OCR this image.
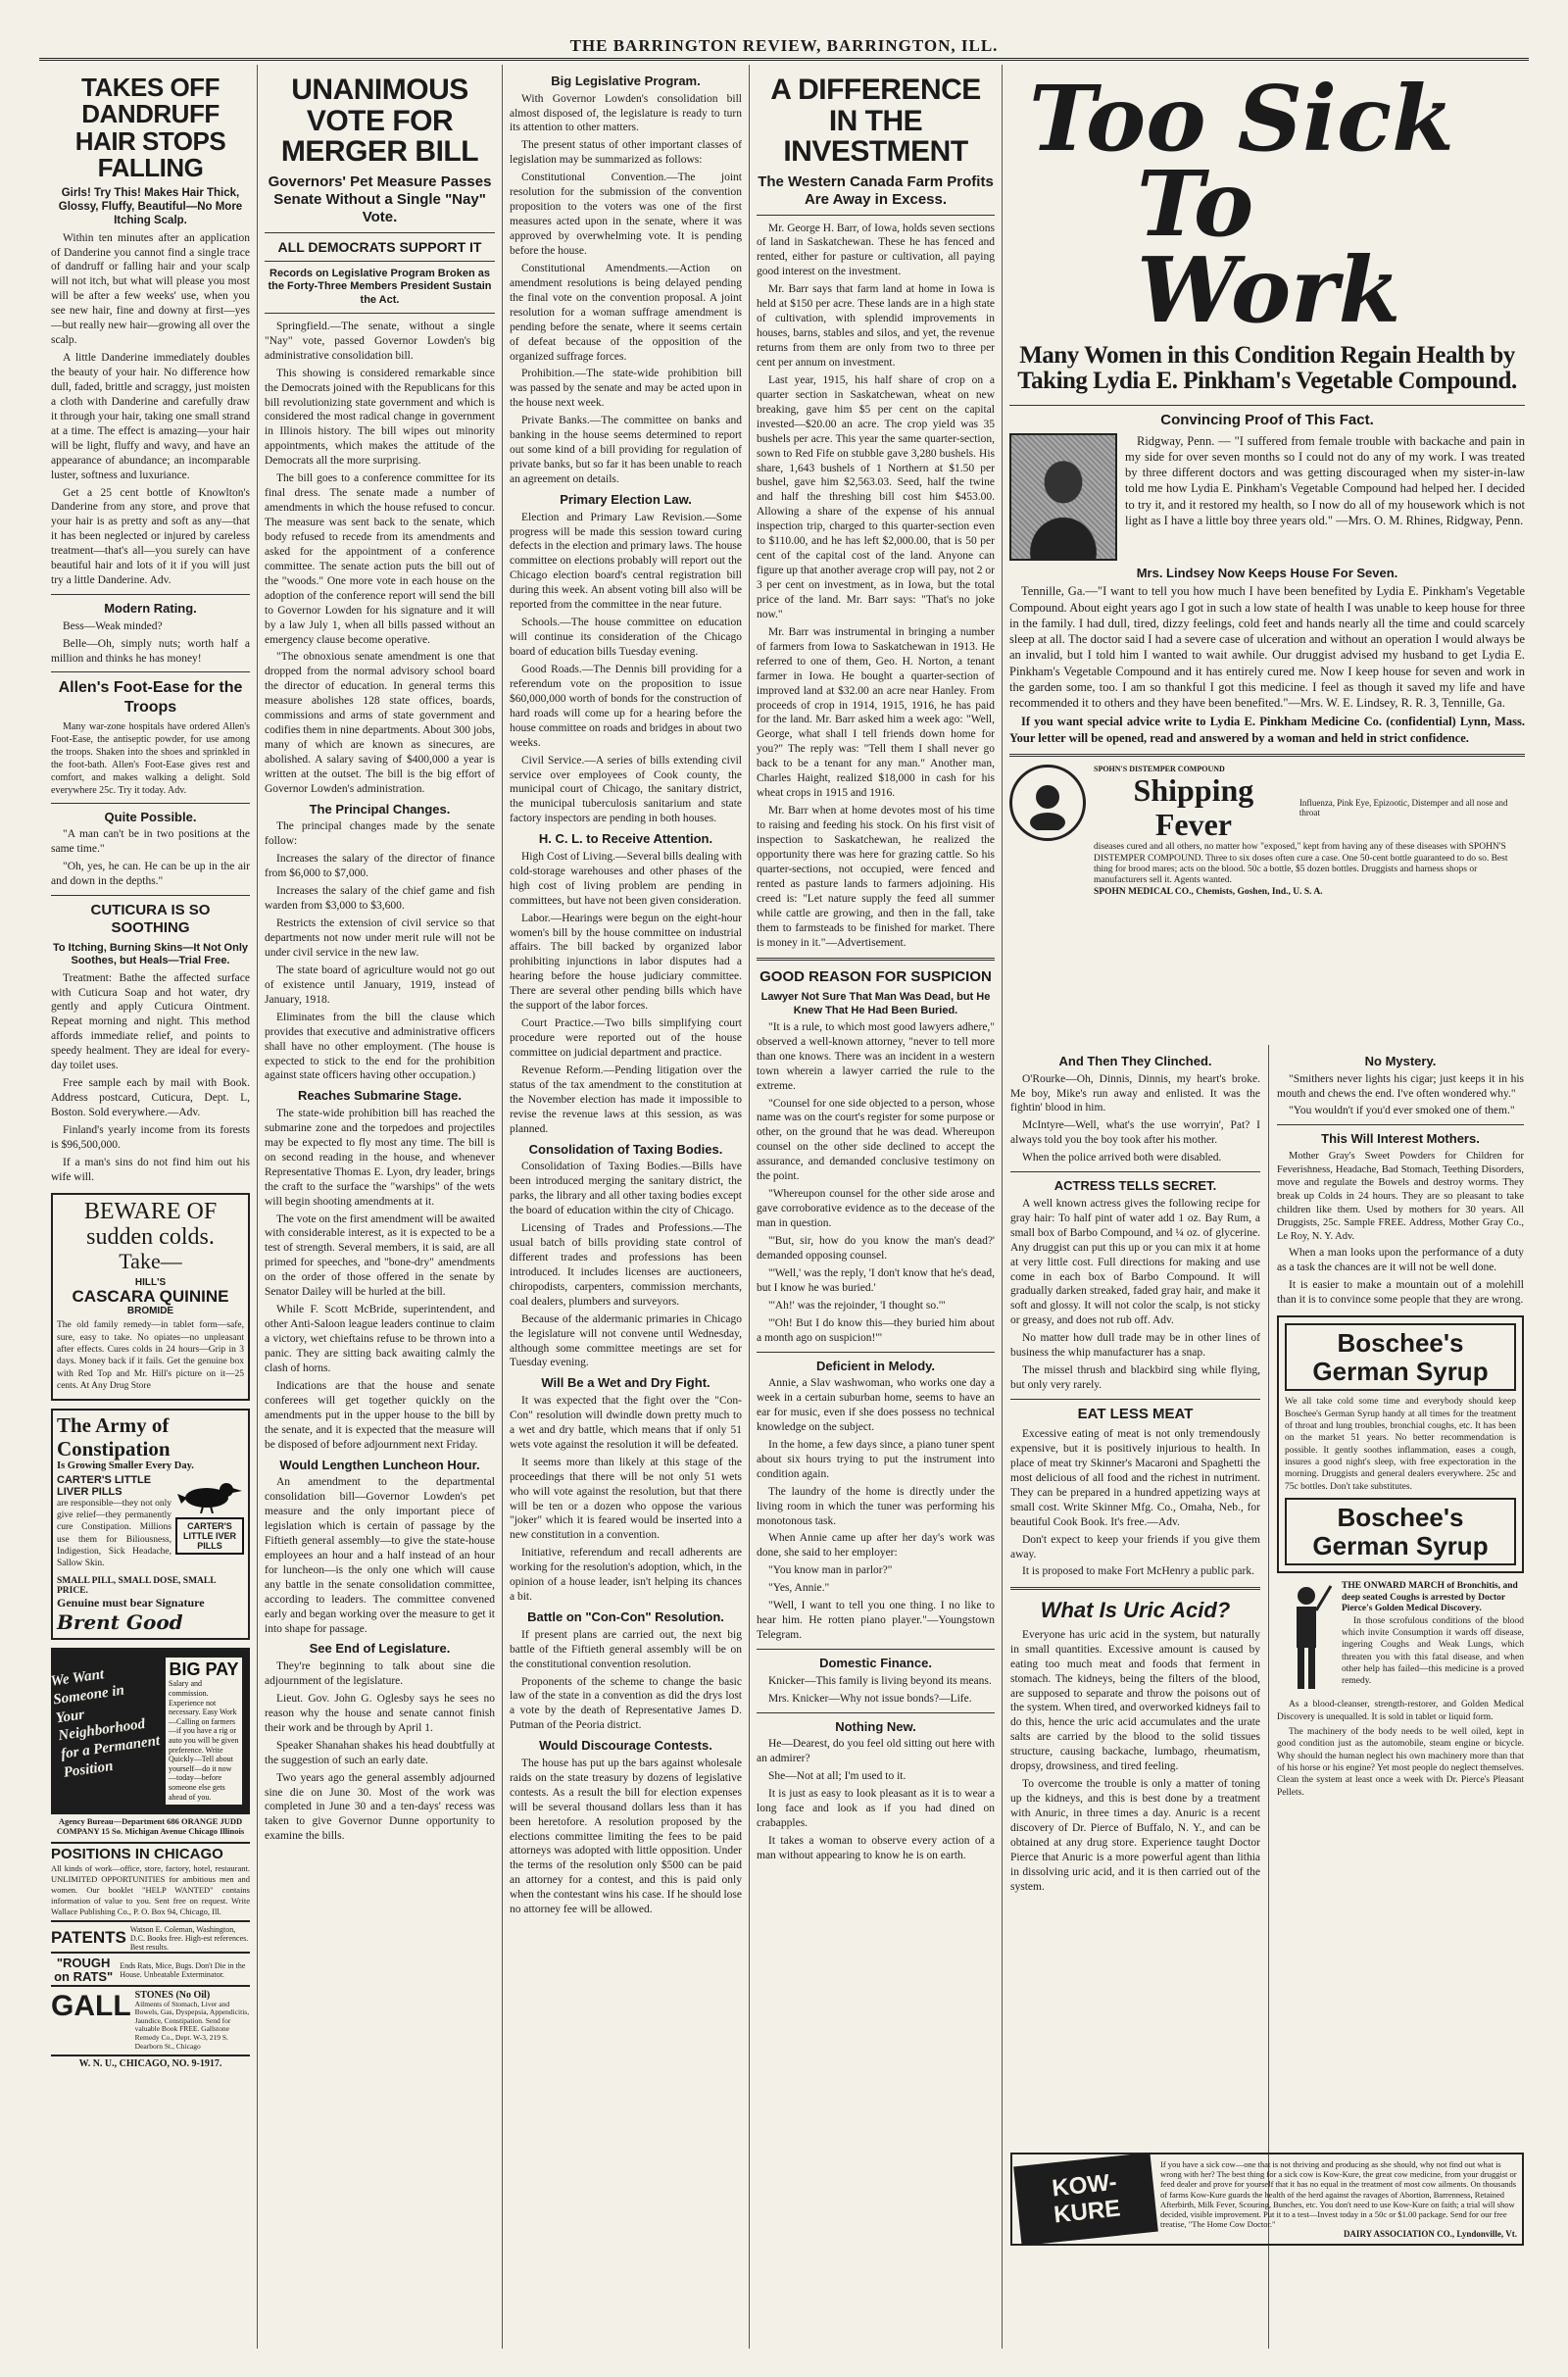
THE BARRINGTON REVIEW, BARRINGTON, ILL.
TAKES OFF DANDRUFF HAIR STOPS FALLING
Girls! Try This! Makes Hair Thick, Glossy, Fluffy, Beautiful—No More Itching Scalp.

Within ten minutes after an application of Danderine you cannot find a single trace of dandruff or falling hair and your scalp will not itch, but what will please you most will be after a few weeks' use, when you see new hair, fine and downy at first—yes—but really new hair—growing all over the scalp.

A little Danderine immediately doubles the beauty of your hair. No difference how dull, faded, brittle and scraggy, just moisten a cloth with Danderine and carefully draw it through your hair, taking one small strand at a time. The effect is amazing—your hair will be light, fluffy and wavy, and have an appearance of abundance; an incomparable luster, softness and luxuriance.

Get a 25 cent bottle of Knowlton's Danderine from any store, and prove that your hair is as pretty and soft as any—that it has been neglected or injured by careless treatment—that's all—you surely can have beautiful hair and lots of it if you will just try a little Danderine. Adv.

Modern Rating.

Bess—Weak minded?

Belle—Oh, simply nuts; worth half a million and thinks he has money!

Allen's Foot-Ease for the Troops

Many war-zone hospitals have ordered Allen's Foot-Ease, the antiseptic powder, for use among the troops. Shaken into the shoes and sprinkled in the foot-bath. Allen's Foot-Ease gives rest and comfort, and makes walking a delight. Sold everywhere 25c. Try it today. Adv.

Quite Possible.

"A man can't be in two positions at the same time."

"Oh, yes, he can. He can be up in the air and down in the depths."

CUTICURA IS SO SOOTHING
To Itching, Burning Skins—It Not Only Soothes, but Heals—Trial Free.

Treatment: Bathe the affected surface with Cuticura Soap and hot water, dry gently and apply Cuticura Ointment. Repeat morning and night. This method affords immediate relief, and points to speedy healment. They are ideal for every-day toilet uses.

Free sample each by mail with Book. Address postcard, Cuticura, Dept. L, Boston. Sold everywhere.—Adv.

Finland's yearly income from its forests is $96,500,000.

If a man's sins do not find him out his wife will.

BEWARE OF
sudden colds.
Take—
HILL'S
CASCARA QUININE
BROMIDE

The old family remedy—in tablet form—safe, sure, easy to take. No opiates—no unpleasant after effects. Cures colds in 24 hours—Grip in 3 days. Money back if it fails. Get the genuine box with Red Top and Mr. Hill's picture on it—25 cents. At Any Drug Store

The Army of Constipation
Is Growing Smaller Every Day.
CARTER'S LITTLE LIVER PILLS

are responsible—they not only give relief—they permanently cure Constipation. Millions use them for Biliousness, Indigestion, Sick Headache, Sallow Skin.

CARTER'S LITTLE IVER PILLS
SMALL PILL, SMALL DOSE, SMALL PRICE.
Genuine must bear Signature
Brent Good
We Want Someone in Your Neighborhood for a Permanent Position
BIG PAY
Salary and commission. Experience not necessary. Easy Work—Calling on farmers—if you have a rig or auto you will be given preference. Write Quickly—Tell about yourself—do it now—today—before someone else gets ahead of you.
Agency Bureau—Department 686 ORANGE JUDD COMPANY 15 So. Michigan Avenue Chicago Illinois
POSITIONS IN CHICAGO

All kinds of work—office, store, factory, hotel, restaurant. UNLIMITED OPPORTUNITIES for ambitious men and women. Our booklet "HELP WANTED" contains information of value to you. Sent free on request. Write Wallace Publishing Co., P. O. Box 94, Chicago, Ill.

PATENTS Watson E. Coleman, Washington, D.C. Books free. High-est references. Best results.
"ROUGH on RATS"
Ends Rats, Mice, Bugs. Don't Die in the House. Unbeatable Exterminator.
GALL STONES (No Oil)
Ailments of Stomach, Liver and Bowels, Gas, Dyspepsia, Appendicitis, Jaundice, Constipation. Send for valuable Book FREE. Gallstone Remedy Co., Dept. W-3, 219 S. Dearborn St., Chicago
W. N. U., CHICAGO, NO. 9-1917.
UNANIMOUS VOTE FOR MERGER BILL
Governors' Pet Measure Passes Senate Without a Single "Nay" Vote.
ALL DEMOCRATS SUPPORT IT
Records on Legislative Program Broken as the Forty-Three Members President Sustain the Act.

Springfield.—The senate, without a single "Nay" vote, passed Governor Lowden's big administrative consolidation bill.

This showing is considered remarkable since the Democrats joined with the Republicans for this bill revolutionizing state government and which is considered the most radical change in government in Illinois history. The bill wipes out minority appointments, which makes the attitude of the Democrats all the more surprising.

The bill goes to a conference committee for its final dress. The senate made a number of amendments in which the house refused to concur. The measure was sent back to the senate, which body refused to recede from its amendments and asked for the appointment of a conference committee. The senate action puts the bill out of the "woods." One more vote in each house on the adoption of the conference report will send the bill to Governor Lowden for his signature and it will by a law July 1, when all bills passed without an emergency clause become operative.

"The obnoxious senate amendment is one that dropped from the normal advisory school board the director of education. In general terms this measure abolishes 128 state offices, boards, commissions and arms of state government and codifies them in nine departments. About 300 jobs, many of which are known as sinecures, are abolished. A salary saving of $400,000 a year is written at the outset. The bill is the big effort of Governor Lowden's administration.

The Principal Changes.

The principal changes made by the senate follow:

Increases the salary of the director of finance from $6,000 to $7,000.

Increases the salary of the chief game and fish warden from $3,000 to $3,600.

Restricts the extension of civil service so that departments not now under merit rule will not be under civil service in the new law.

The state board of agriculture would not go out of existence until January, 1919, instead of January, 1918.

Eliminates from the bill the clause which provides that executive and administrative officers shall have no other employment. (The house is expected to stick to the end for the prohibition against state officers having other occupation.)

Reaches Submarine Stage.

The state-wide prohibition bill has reached the submarine zone and the torpedoes and projectiles may be expected to fly most any time. The bill is on second reading in the house, and whenever Representative Thomas E. Lyon, dry leader, brings the craft to the surface the "warships" of the wets will begin shooting amendments at it.

The vote on the first amendment will be awaited with considerable interest, as it is expected to be a test of strength. Several members, it is said, are all primed for speeches, and "bone-dry" amendments on the order of those offered in the senate by Senator Dailey will be hurled at the bill.

While F. Scott McBride, superintendent, and other Anti-Saloon league leaders continue to claim a victory, wet chieftains refuse to be thrown into a panic. They are sitting back awaiting calmly the clash of horns.

Indications are that the house and senate conferees will get together quickly on the amendments put in the upper house to the bill by the senate, and it is expected that the measure will be disposed of before adjournment next Friday.

Would Lengthen Luncheon Hour.

An amendment to the departmental consolidation bill—Governor Lowden's pet measure and the only important piece of legislation which is certain of passage by the Fiftieth general assembly—to give the state-house employees an hour and a half instead of an hour for luncheon—is the only one which will cause any battle in the senate consolidation committee, according to leaders. The committee convened early and began working over the measure to get it into shape for passage.

See End of Legislature.

They're beginning to talk about sine die adjournment of the legislature.

Lieut. Gov. John G. Oglesby says he sees no reason why the house and senate cannot finish their work and be through by April 1.

Speaker Shanahan shakes his head doubtfully at the suggestion of such an early date.

Two years ago the general assembly adjourned sine die on June 30. Most of the work was completed in June 30 and a ten-days' recess was taken to give Governor Dunne opportunity to examine the bills.

Big Legislative Program.

With Governor Lowden's consolidation bill almost disposed of, the legislature is ready to turn its attention to other matters.

The present status of other important classes of legislation may be summarized as follows:

Constitutional Convention.—The joint resolution for the submission of the convention proposition to the voters was one of the first measures acted upon in the senate, where it was approved by overwhelming vote. It is pending before the house.

Constitutional Amendments.—Action on amendment resolutions is being delayed pending the final vote on the convention proposal. A joint resolution for a woman suffrage amendment is pending before the senate, where it seems certain of defeat because of the opposition of the organized suffrage forces.

Prohibition.—The state-wide prohibition bill was passed by the senate and may be acted upon in the house next week.

Private Banks.—The committee on banks and banking in the house seems determined to report out some kind of a bill providing for regulation of private banks, but so far it has been unable to reach an agreement on details.

Primary Election Law.

Election and Primary Law Revision.—Some progress will be made this session toward curing defects in the election and primary laws. The house committee on elections probably will report out the Chicago election board's central registration bill during this week. An absent voting bill also will be reported from the committee in the near future.

Schools.—The house committee on education will continue its consideration of the Chicago board of education bills Tuesday evening.

Good Roads.—The Dennis bill providing for a referendum vote on the proposition to issue $60,000,000 worth of bonds for the construction of hard roads will come up for a hearing before the house committee on roads and bridges in about two weeks.

Civil Service.—A series of bills extending civil service over employees of Cook county, the municipal court of Chicago, the sanitary district, the municipal tuberculosis sanitarium and state factory inspectors are pending in both houses.

H. C. L. to Receive Attention.

High Cost of Living.—Several bills dealing with cold-storage warehouses and other phases of the high cost of living problem are pending in committees, but have not been given consideration.

Labor.—Hearings were begun on the eight-hour women's bill by the house committee on industrial affairs. The bill backed by organized labor prohibiting injunctions in labor disputes had a hearing before the house judiciary committee. There are several other pending bills which have the support of the labor forces.

Court Practice.—Two bills simplifying court procedure were reported out of the house committee on judicial department and practice.

Revenue Reform.—Pending litigation over the status of the tax amendment to the constitution at the November election has made it impossible to revise the revenue laws at this session, as was planned.

Consolidation of Taxing Bodies.

Consolidation of Taxing Bodies.—Bills have been introduced merging the sanitary district, the parks, the library and all other taxing bodies except the board of education within the city of Chicago.

Licensing of Trades and Professions.—The usual batch of bills providing state control of different trades and professions has been introduced. It includes licenses are auctioneers, chiropodists, carpenters, commission merchants, coal dealers, plumbers and surveyors.

Because of the aldermanic primaries in Chicago the legislature will not convene until Wednesday, although some committee meetings are set for Tuesday evening.

Will Be a Wet and Dry Fight.

It was expected that the fight over the "Con-Con" resolution will dwindle down pretty much to a wet and dry battle, which means that if only 51 wets vote against the resolution it will be defeated.

It seems more than likely at this stage of the proceedings that there will be not only 51 wets who will vote against the resolution, but that there will be ten or a dozen who oppose the various "joker" which it is feared would be inserted into a new constitution in a convention.

Initiative, referendum and recall adherents are working for the resolution's adoption, which, in the opinion of a house leader, isn't helping its chances a bit.

Battle on "Con-Con" Resolution.

If present plans are carried out, the next big battle of the Fiftieth general assembly will be on the constitutional convention resolution.

Proponents of the scheme to change the basic law of the state in a convention as did the drys lost a vote by the death of Representative James D. Putman of the Peoria district.

Would Discourage Contests.

The house has put up the bars against wholesale raids on the state treasury by dozens of legislative contests. As a result the bill for election expenses will be several thousand dollars less than it has been heretofore. A resolution proposed by the elections committee limiting the fees to be paid attorneys was adopted with little opposition. Under the terms of the resolution only $500 can be paid an attorney for a contest, and this is paid only when the contestant wins his case. If he should lose no attorney fee will be allowed.

A DIFFERENCE IN THE INVESTMENT
The Western Canada Farm Profits Are Away in Excess.

Mr. George H. Barr, of Iowa, holds seven sections of land in Saskatchewan. These he has fenced and rented, either for pasture or cultivation, all paying good interest on the investment.

Mr. Barr says that farm land at home in Iowa is held at $150 per acre. These lands are in a high state of cultivation, with splendid improvements in houses, barns, stables and silos, and yet, the revenue returns from them are only from two to three per cent per annum on investment.

Last year, 1915, his half share of crop on a quarter section in Saskatchewan, wheat on new breaking, gave him $5 per cent on the capital invested—$20.00 an acre. The crop yield was 35 bushels per acre. This year the same quarter-section, sown to Red Fife on stubble gave 3,280 bushels. His share, 1,643 bushels of 1 Northern at $1.50 per bushel, gave him $2,563.03. Seed, half the twine and half the threshing bill cost him $453.00. Allowing a share of the expense of his annual inspection trip, charged to this quarter-section even to $110.00, and he has left $2,000.00, that is 50 per cent of the capital cost of the land. Anyone can figure up that another average crop will pay, not 2 or 3 per cent on investment, as in Iowa, but the total price of the land. Mr. Barr says: "That's no joke now."

Mr. Barr was instrumental in bringing a number of farmers from Iowa to Saskatchewan in 1913. He referred to one of them, Geo. H. Norton, a tenant farmer in Iowa. He bought a quarter-section of improved land at $32.00 an acre near Hanley. From proceeds of crop in 1914, 1915, 1916, he has paid for the land. Mr. Barr asked him a week ago: "Well, George, what shall I tell friends down home for you?" The reply was: "Tell them I shall never go back to be a tenant for any man." Another man, Charles Haight, realized $18,000 in cash for his wheat crops in 1915 and 1916.

Mr. Barr when at home devotes most of his time to raising and feeding his stock. On his first visit of inspection to Saskatchewan, he realized the opportunity there was here for grazing cattle. So his quarter-sections, not occupied, were fenced and rented as pasture lands to farmers adjoining. His creed is: "Let nature supply the feed all summer while cattle are growing, and then in the fall, take them to farmsteads to be finished for market. There is money in it."—Advertisement.

GOOD REASON FOR SUSPICION
Lawyer Not Sure That Man Was Dead, but He Knew That He Had Been Buried.

"It is a rule, to which most good lawyers adhere," observed a well-known attorney, "never to tell more than one knows. There was an incident in a western town wherein a lawyer carried the rule to the extreme.

"Counsel for one side objected to a person, whose name was on the court's register for some purpose or other, on the ground that he was dead. Whereupon counsel on the other side declined to accept the assurance, and demanded conclusive testimony on the point.

"Whereupon counsel for the other side arose and gave corroborative evidence as to the decease of the man in question.

"'But, sir, how do you know the man's dead?' demanded opposing counsel.

"'Well,' was the reply, 'I don't know that he's dead, but I know he was buried.'

"'Ah!' was the rejoinder, 'I thought so.'"

"'Oh! But I do know this—they buried him about a month ago on suspicion!'"

Deficient in Melody.

Annie, a Slav washwoman, who works one day a week in a certain suburban home, seems to have an ear for music, even if she does possess no technical knowledge on the subject.

In the home, a few days since, a piano tuner spent about six hours trying to put the instrument into condition again.

The laundry of the home is directly under the living room in which the tuner was performing his monotonous task.

When Annie came up after her day's work was done, she said to her employer:

"You know man in parlor?"

"Yes, Annie."

"Well, I want to tell you one thing. I no like to hear him. He rotten piano player."—Youngstown Telegram.

Domestic Finance.

Knicker—This family is living beyond its means.

Mrs. Knicker—Why not issue bonds?—Life.

Nothing New.

He—Dearest, do you feel old sitting out here with an admirer?

She—Not at all; I'm used to it.

It is just as easy to look pleasant as it is to wear a long face and look as if you had dined on crabapples.

It takes a woman to observe every action of a man without appearing to know he is on earth.

Too Sick
To Work
Many Women in this Condition Regain Health by Taking Lydia E. Pinkham's Vegetable Compound.
Convincing Proof of This Fact.

Ridgway, Penn. — "I suffered from female trouble with backache and pain in my side for over seven months so I could not do any of my work. I was treated by three different doctors and was getting discouraged when my sister-in-law told me how Lydia E. Pinkham's Vegetable Compound had helped her. I decided to try it, and it restored my health, so I now do all of my housework which is not light as I have a little boy three years old." —Mrs. O. M. Rhines, Ridgway, Penn.

Mrs. Lindsey Now Keeps House For Seven.

Tennille, Ga.—"I want to tell you how much I have been benefited by Lydia E. Pinkham's Vegetable Compound. About eight years ago I got in such a low state of health I was unable to keep house for three in the family. I had dull, tired, dizzy feelings, cold feet and hands nearly all the time and could scarcely sleep at all. The doctor said I had a severe case of ulceration and without an operation I would always be an invalid, but I told him I wanted to wait awhile. Our druggist advised my husband to get Lydia E. Pinkham's Vegetable Compound and it has entirely cured me. Now I keep house for seven and work in the garden some, too. I am so thankful I got this medicine. I feel as though it saved my life and have recommended it to others and they have been benefited."—Mrs. W. E. Lindsey, R. R. 3, Tennille, Ga.

If you want special advice write to Lydia E. Pinkham Medicine Co. (confidential) Lynn, Mass. Your letter will be opened, read and answered by a woman and held in strict confidence.

SPOHN'S DISTEMPER COMPOUND
Shipping Fever
Influenza, Pink Eye, Epizootic, Distemper and all nose and throat
diseases cured and all others, no matter how "exposed," kept from having any of these diseases with SPOHN'S DISTEMPER COMPOUND. Three to six doses often cure a case. One 50-cent bottle guaranteed to do so. Best thing for brood mares; acts on the blood. 50c a bottle, $5 dozen bottles. Druggists and harness shops or manufacturers sell it. Agents wanted.
SPOHN MEDICAL CO., Chemists, Goshen, Ind., U. S. A.
And Then They Clinched.

O'Rourke—Oh, Dinnis, Dinnis, my heart's broke. Me boy, Mike's run away and enlisted. It was the fightin' blood in him.

McIntyre—Well, what's the use worryin', Pat? I always told you the boy took after his mother.

When the police arrived both were disabled.

ACTRESS TELLS SECRET.

A well known actress gives the following recipe for gray hair: To half pint of water add 1 oz. Bay Rum, a small box of Barbo Compound, and ¼ oz. of glycerine. Any druggist can put this up or you can mix it at home at very little cost. Full directions for making and use come in each box of Barbo Compound. It will gradually darken streaked, faded gray hair, and make it soft and glossy. It will not color the scalp, is not sticky or greasy, and does not rub off. Adv.

No matter how dull trade may be in other lines of business the whip manufacturer has a snap.

The missel thrush and blackbird sing while flying, but only very rarely.

EAT LESS MEAT

Excessive eating of meat is not only tremendously expensive, but it is positively injurious to health. In place of meat try Skinner's Macaroni and Spaghetti the most delicious of all food and the richest in nutriment. They can be prepared in a hundred appetizing ways at small cost. Write Skinner Mfg. Co., Omaha, Neb., for beautiful Cook Book. It's free.—Adv.

Don't expect to keep your friends if you give them away.

It is proposed to make Fort McHenry a public park.

What Is Uric Acid?

Everyone has uric acid in the system, but naturally in small quantities. Excessive amount is caused by eating too much meat and foods that ferment in stomach. The kidneys, being the filters of the blood, are supposed to separate and throw the poisons out of the system. When tired, and overworked kidneys fail to do this, hence the uric acid accumulates and the urate salts are carried by the blood to the solid tissues structure, causing backache, lumbago, rheumatism, dropsy, drowsiness, and tired feeling.

To overcome the trouble is only a matter of toning up the kidneys, and this is best done by a treatment with Anuric, in three times a day. Anuric is a recent discovery of Dr. Pierce of Buffalo, N. Y., and can be obtained at any drug store. Experience taught Doctor Pierce that Anuric is a more powerful agent than lithia in dissolving uric acid, and it is then carried out of the system.

No Mystery.

"Smithers never lights his cigar; just keeps it in his mouth and chews the end. I've often wondered why."

"You wouldn't if you'd ever smoked one of them."

This Will Interest Mothers.

Mother Gray's Sweet Powders for Children for Feverishness, Headache, Bad Stomach, Teething Disorders, move and regulate the Bowels and destroy worms. They break up Colds in 24 hours. They are so pleasant to take children like them. Used by mothers for 30 years. All Druggists, 25c. Sample FREE. Address, Mother Gray Co., Le Roy, N. Y. Adv.

When a man looks upon the performance of a duty as a task the chances are it will not be well done.

It is easier to make a mountain out of a molehill than it is to convince some people that they are wrong.

Boschee's German Syrup

We all take cold some time and everybody should keep Boschee's German Syrup handy at all times for the treatment of throat and lung troubles, bronchial coughs, etc. It has been on the market 51 years. No better recommendation is possible. It gently soothes inflammation, eases a cough, insures a good night's sleep, with free expectoration in the morning. Druggists and general dealers everywhere. 25c and 75c bottles. Don't take substitutes.

Boschee's German Syrup
THE ONWARD MARCH of Bronchitis, and deep seated Coughs is arrested by Doctor Pierce's Golden Medical Discovery.

In those scrofulous conditions of the blood which invite Consumption it wards off disease, ingering Coughs and Weak Lungs, which threaten you with this fatal disease, and when other help has failed—this medicine is a proved remedy.

As a blood-cleanser, strength-restorer, and Golden Medical Discovery is unequalled. It is sold in tablet or liquid form.

The machinery of the body needs to be well oiled, kept in good condition just as the automobile, steam engine or bicycle. Why should the human neglect his own machinery more than that of his horse or his engine? Yet most people do neglect themselves. Clean the system at least once a week with Dr. Pierce's Pleasant Pellets.

KOW-KURE
If you have a sick cow—one that is not thriving and producing as she should, why not find out what is wrong with her? The best thing for a sick cow is Kow-Kure, the great cow medicine, from your druggist or feed dealer and prove for yourself that it has no equal in the treatment of most cow ailments. On thousands of farms Kow-Kure guards the health of the herd against the ravages of Abortion, Barrenness, Retained Afterbirth, Milk Fever, Scouring, Bunches, etc. You don't need to use Kow-Kure on faith; a trial will show decided, visible improvement. Put it to a test—Invest today in a 50c or $1.00 package. Send for our free treatise, "The Home Cow Doctor."
DAIRY ASSOCIATION CO., Lyndonville, Vt.
